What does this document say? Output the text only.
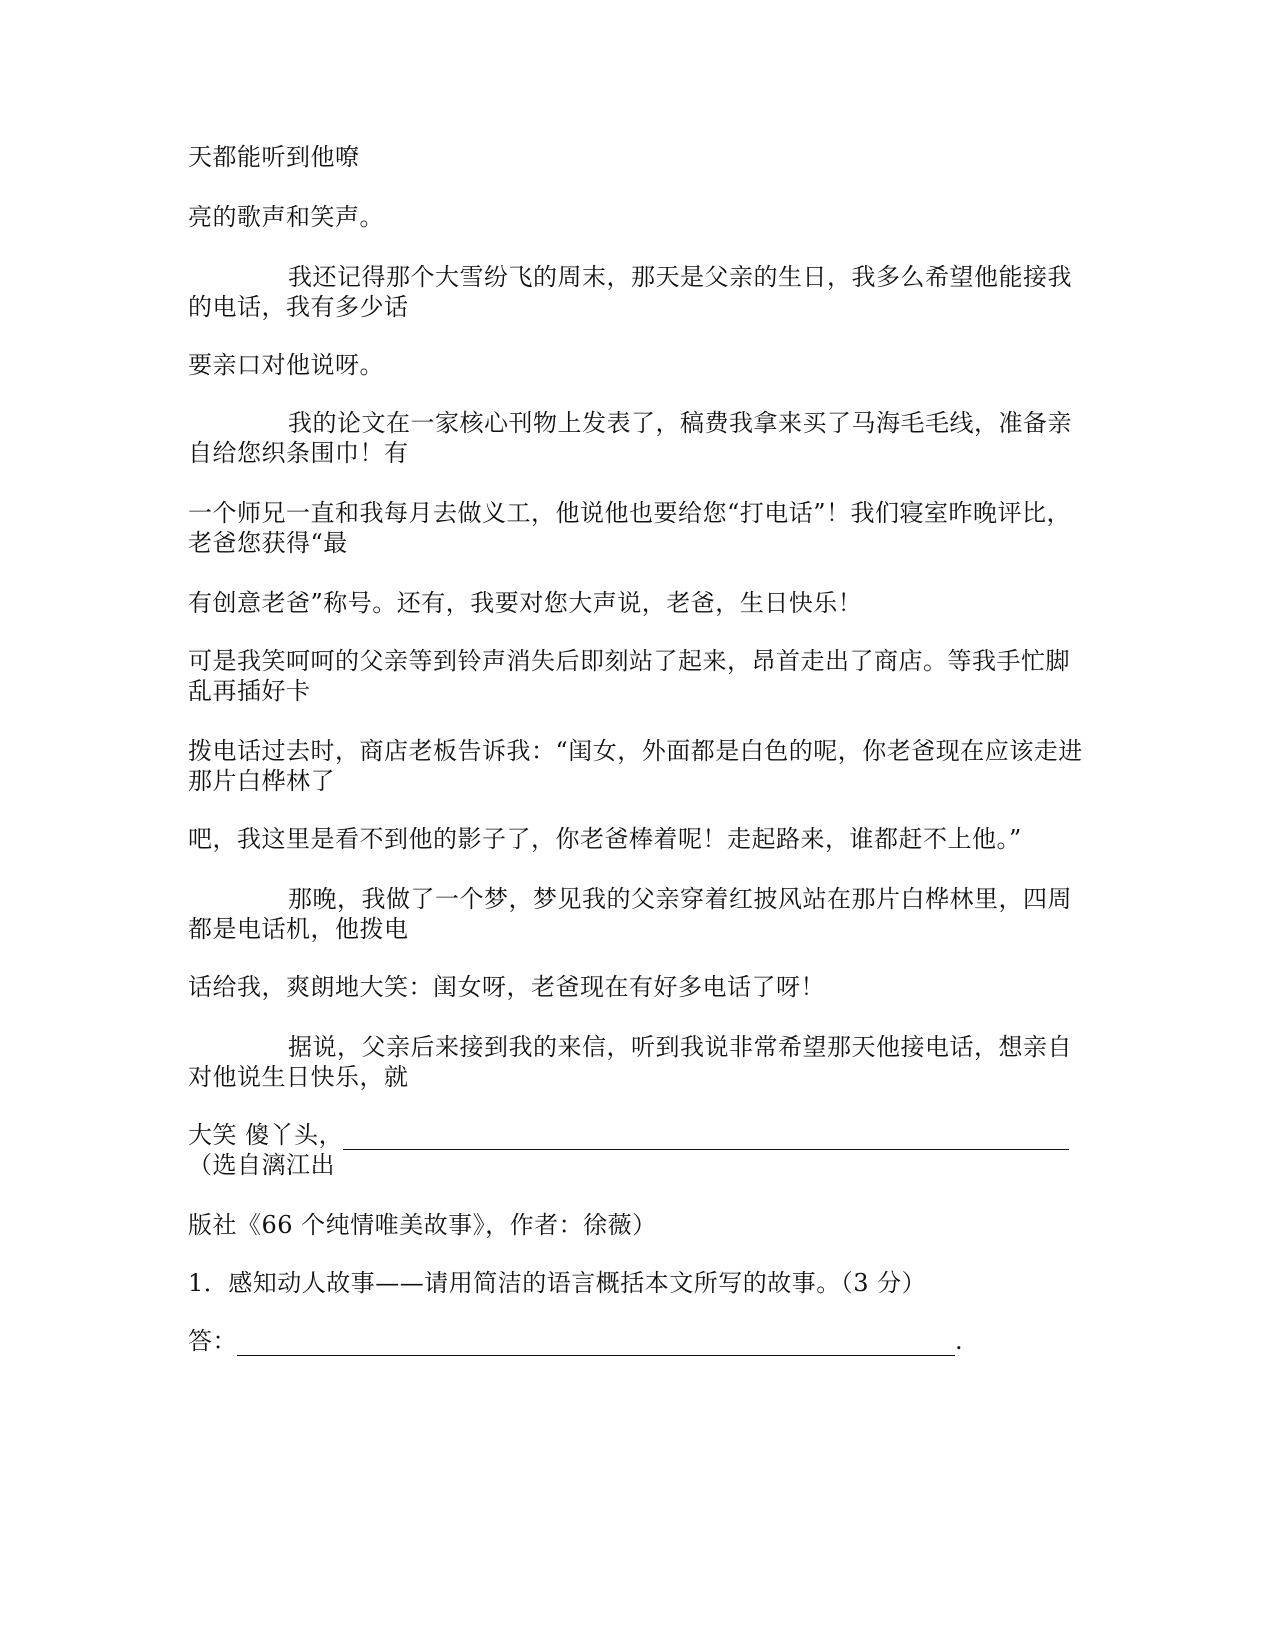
天都能听到他嘹
亮的歌声和笑声。
我还记得那个大雪纷飞的周末，那天是父亲的生日，我多么希望他能接我
的电话，我有多少话
要亲口对他说呀。
我的论文在一家核心刊物上发表了，稿费我拿来买了马海毛毛线，准备亲
自给您织条围巾！有
一个师兄一直和我每月去做义工，他说他也要给您“打电话”！我们寝室昨晚评比，
老爸您获得“最
有创意老爸”称号。还有，我要对您大声说，老爸，生日快乐！
可是我笑呵呵的父亲等到铃声消失后即刻站了起来，昂首走出了商店。等我手忙脚
乱再插好卡
拨电话过去时，商店老板告诉我：“闺女，外面都是白色的呢，你老爸现在应该走进
那片白桦林了
吧，我这里是看不到他的影子了，你老爸棒着呢！走起路来，谁都赶不上他。”
那晚，我做了一个梦，梦见我的父亲穿着红披风站在那片白桦林里，四周
都是电话机，他拨电
话给我，爽朗地大笑：闺女呀，老爸现在有好多电话了呀！
据说，父亲后来接到我的来信，听到我说非常希望那天他接电话，想亲自
对他说生日快乐，就
大笑 傻丫头，
（选自漓江出
版社《66 个纯情唯美故事》，作者：徐薇）
1．感知动人故事——请用简洁的语言概括本文所写的故事。（3 分）
答：	.
